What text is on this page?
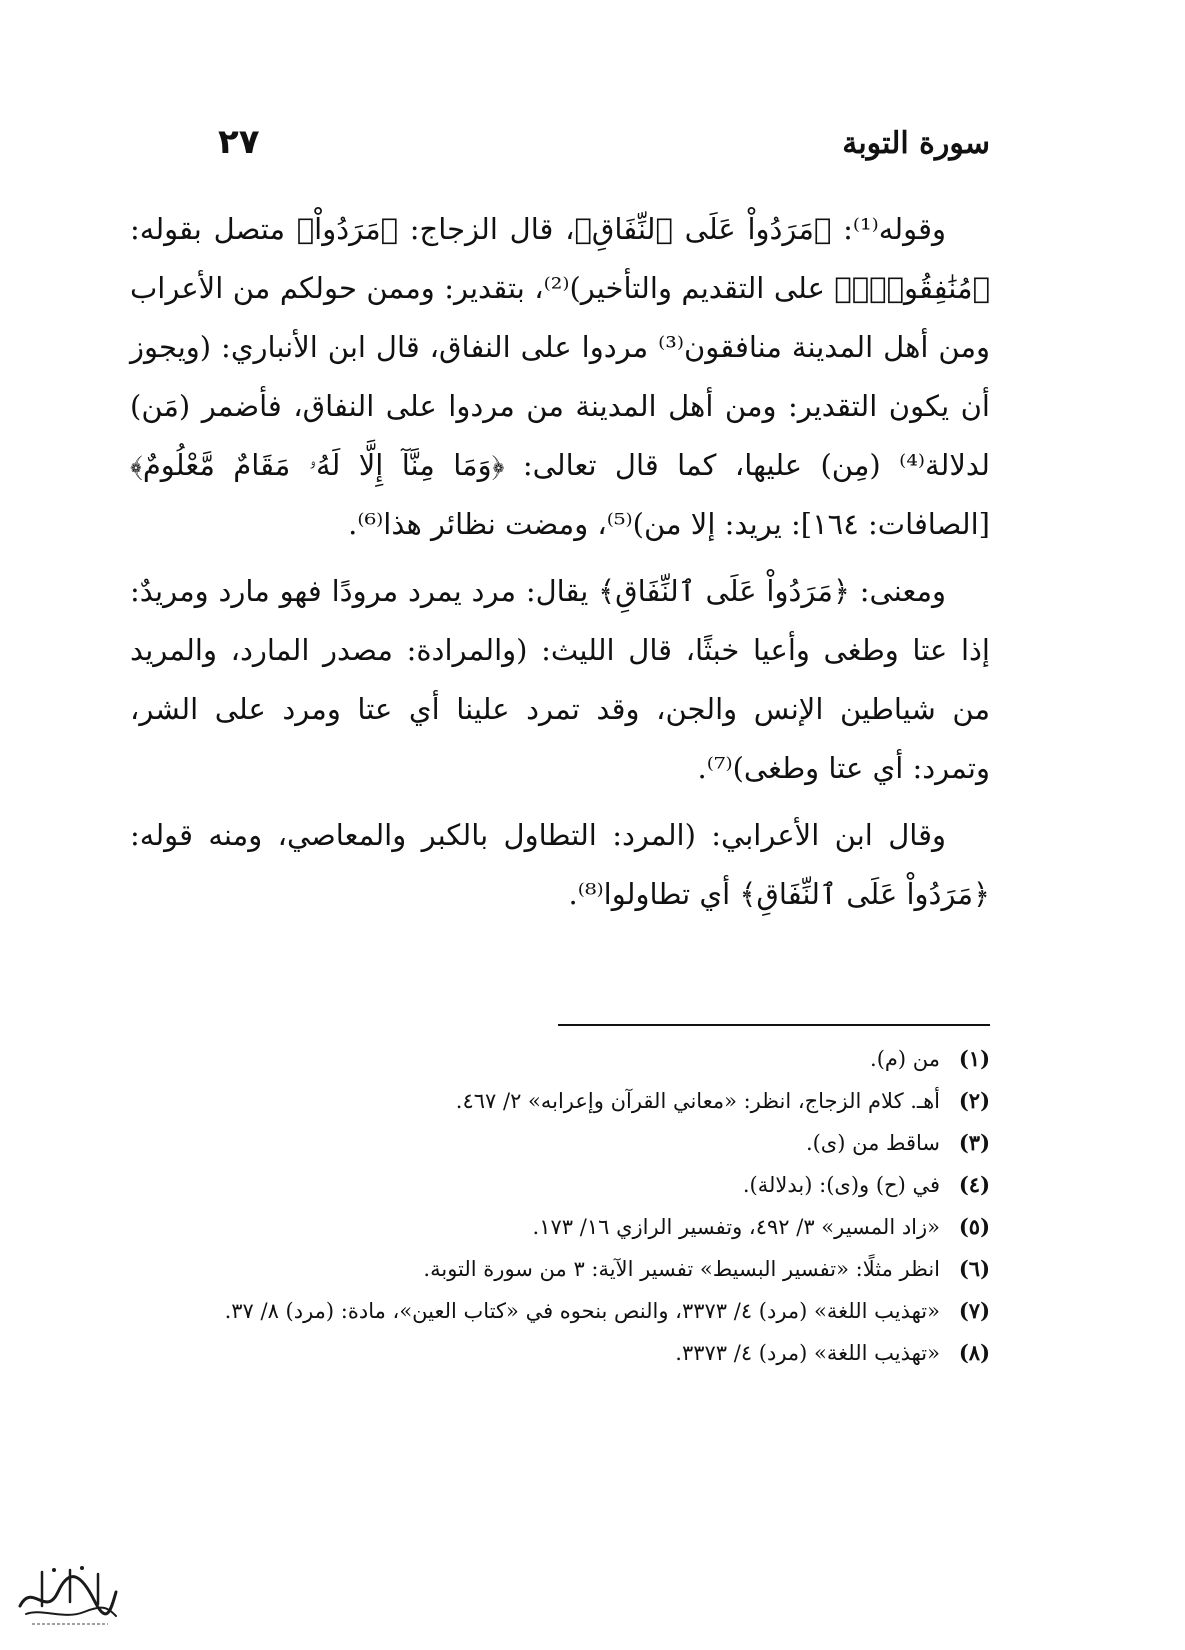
سورة التوبة
٢٧

وقوله⁽¹⁾: ﴿مَرَدُواْ عَلَى ٱلنِّفَاقِ﴾، قال الزجاج: ﴿مَرَدُواْ﴾ متصل بقوله: ﴿مُنَٰفِقُونَۖ﴾ على التقديم والتأخير)⁽²⁾، بتقدير: وممن حولكم من الأعراب ومن أهل المدينة منافقون⁽³⁾ مردوا على النفاق، قال ابن الأنباري: (ويجوز أن يكون التقدير: ومن أهل المدينة من مردوا على النفاق، فأضمر (مَن) لدلالة⁽⁴⁾ (مِن) عليها، كما قال تعالى: ﴿وَمَا مِنَّآ إِلَّا لَهُۥ مَقَامٌ مَّعْلُومٌ﴾ [الصافات: ١٦٤]: يريد: إلا من)⁽⁵⁾، ومضت نظائر هذا⁽⁶⁾.

ومعنى: ﴿مَرَدُواْ عَلَى ٱلنِّفَاقِ﴾ يقال: مرد يمرد مرودًا فهو مارد ومريدٌ: إذا عتا وطغى وأعيا خبثًا، قال الليث: (والمرادة: مصدر المارد، والمريد من شياطين الإنس والجن، وقد تمرد علينا أي عتا ومرد على الشر، وتمرد: أي عتا وطغى)⁽⁷⁾.

وقال ابن الأعرابي: (المرد: التطاول بالكبر والمعاصي، ومنه قوله: ﴿مَرَدُواْ عَلَى ٱلنِّفَاقِ﴾ أي تطاولوا⁽⁸⁾.

(١)
من (م).
(٢)
أهـ. كلام الزجاج، انظر: «معاني القرآن وإعرابه» ٢/ ٤٦٧.
(٣)
ساقط من (ى).
(٤)
في (ح) و(ى): (بدلالة).
(٥)
«زاد المسير» ٣/ ٤٩٢، وتفسير الرازي ١٦/ ١٧٣.
(٦)
انظر مثلًا: «تفسير البسيط» تفسير الآية: ٣ من سورة التوبة.
(٧)
«تهذيب اللغة» (مرد) ٤/ ٣٣٧٣، والنص بنحوه في «كتاب العين»، مادة: (مرد) ٨/ ٣٧.
(٨)
«تهذيب اللغة» (مرد) ٤/ ٣٣٧٣.
